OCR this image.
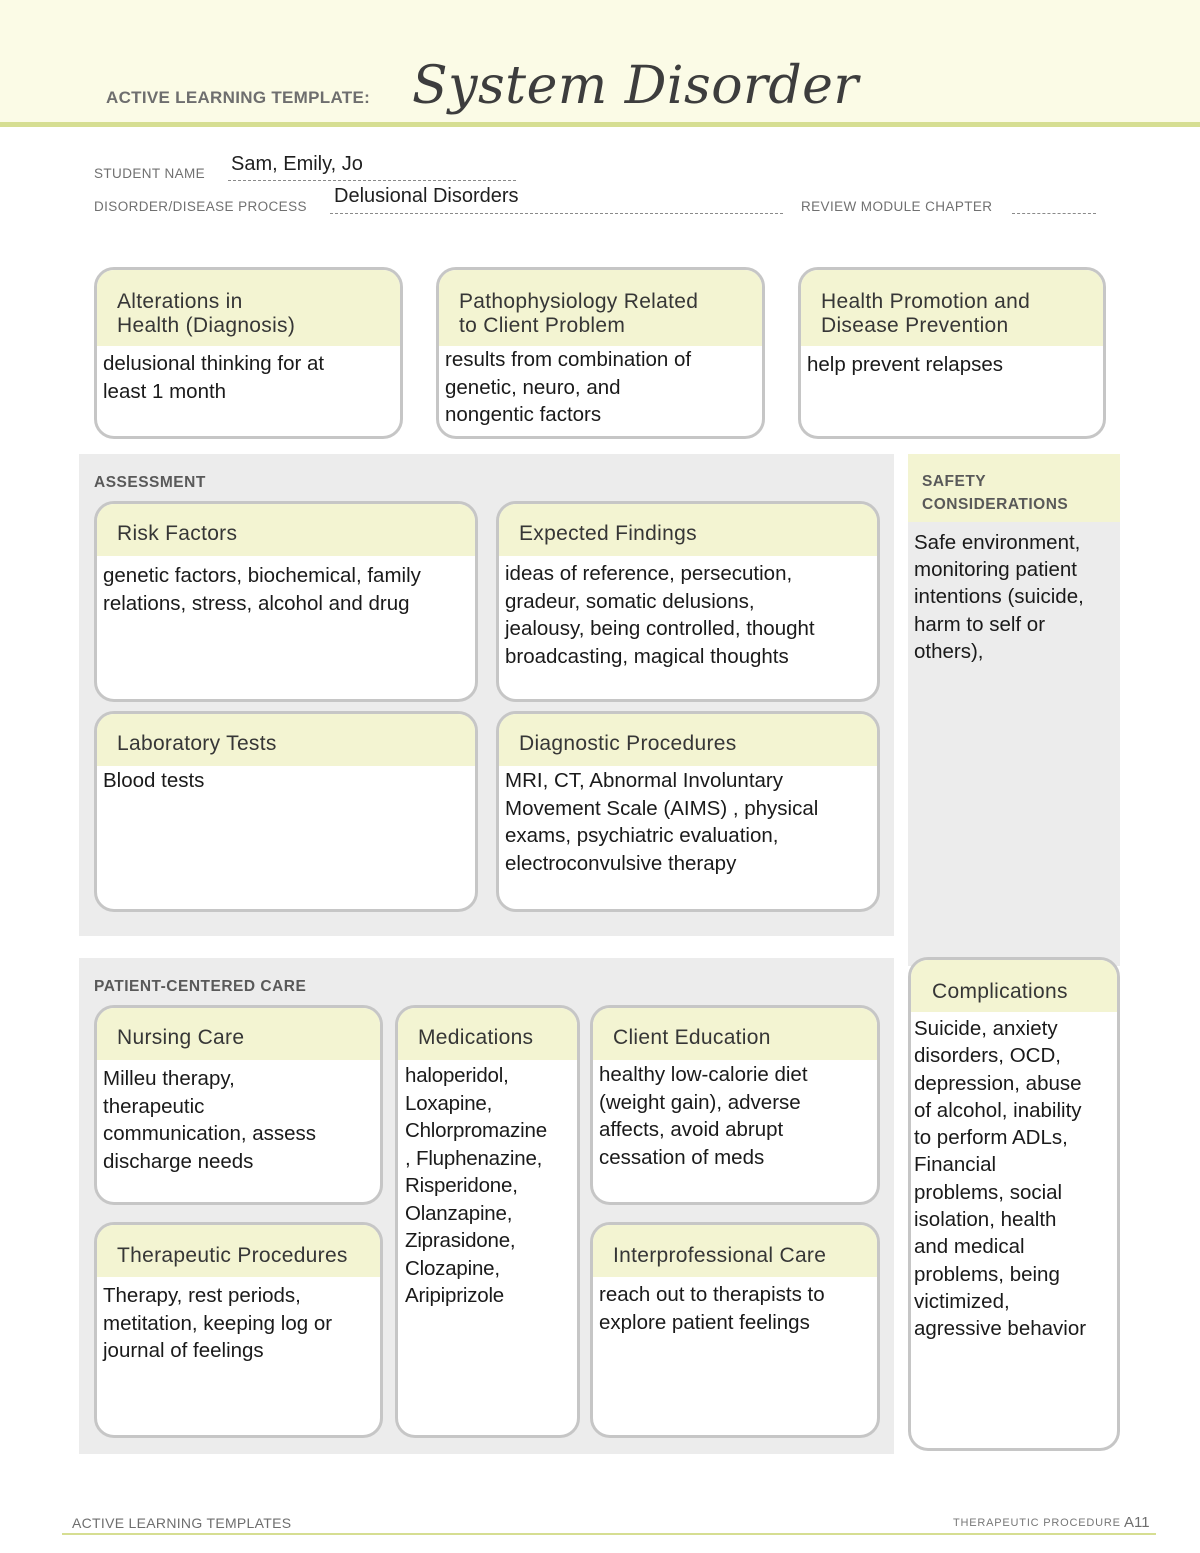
ACTIVE LEARNING TEMPLATE: System Disorder
STUDENT NAME Sam, Emily, Jo
DISORDER/DISEASE PROCESS Delusional Disorders	REVIEW MODULE CHAPTER
Alterations in
Health (Diagnosis)
delusional thinking for at
least 1 month
Pathophysiology Related
to Client Problem
results from combination of
genetic, neuro, and
nongentic factors
Health Promotion and
Disease Prevention
help prevent relapses
ASSESSMENT
Risk Factors
genetic factors, biochemical, family
relations, stress, alcohol and drug
Expected Findings
ideas of reference, persecution,
gradeur, somatic delusions,
jealousy, being controlled, thought
broadcasting, magical thoughts
Laboratory Tests
Blood tests
Diagnostic Procedures
MRI, CT, Abnormal Involuntary
Movement Scale (AIMS) , physical
exams, psychiatric evaluation,
electroconvulsive therapy
SAFETY
CONSIDERATIONS
Safe environment,
monitoring patient
intentions (suicide,
harm to self or
others),
PATIENT-CENTERED CARE
Nursing Care
Milleu therapy,
therapeutic
communication, assess
discharge needs
Medications
haloperidol,
Loxapine,
Chlorpromazine
, Fluphenazine,
Risperidone,
Olanzapine,
Ziprasidone,
Clozapine,
Aripiprizole
Client Education
healthy low-calorie diet
(weight gain), adverse
affects, avoid abrupt
cessation of meds
Therapeutic Procedures
Therapy, rest periods,
metitation, keeping log or
journal of feelings
Interprofessional Care
reach out to therapists to
explore patient feelings
Complications
Suicide, anxiety
disorders, OCD,
depression, abuse
of alcohol, inability
to perform ADLs,
Financial
problems, social
isolation, health
and medical
problems, being
victimized,
agressive behavior
ACTIVE LEARNING TEMPLATES	THERAPEUTIC PROCEDURE A11
